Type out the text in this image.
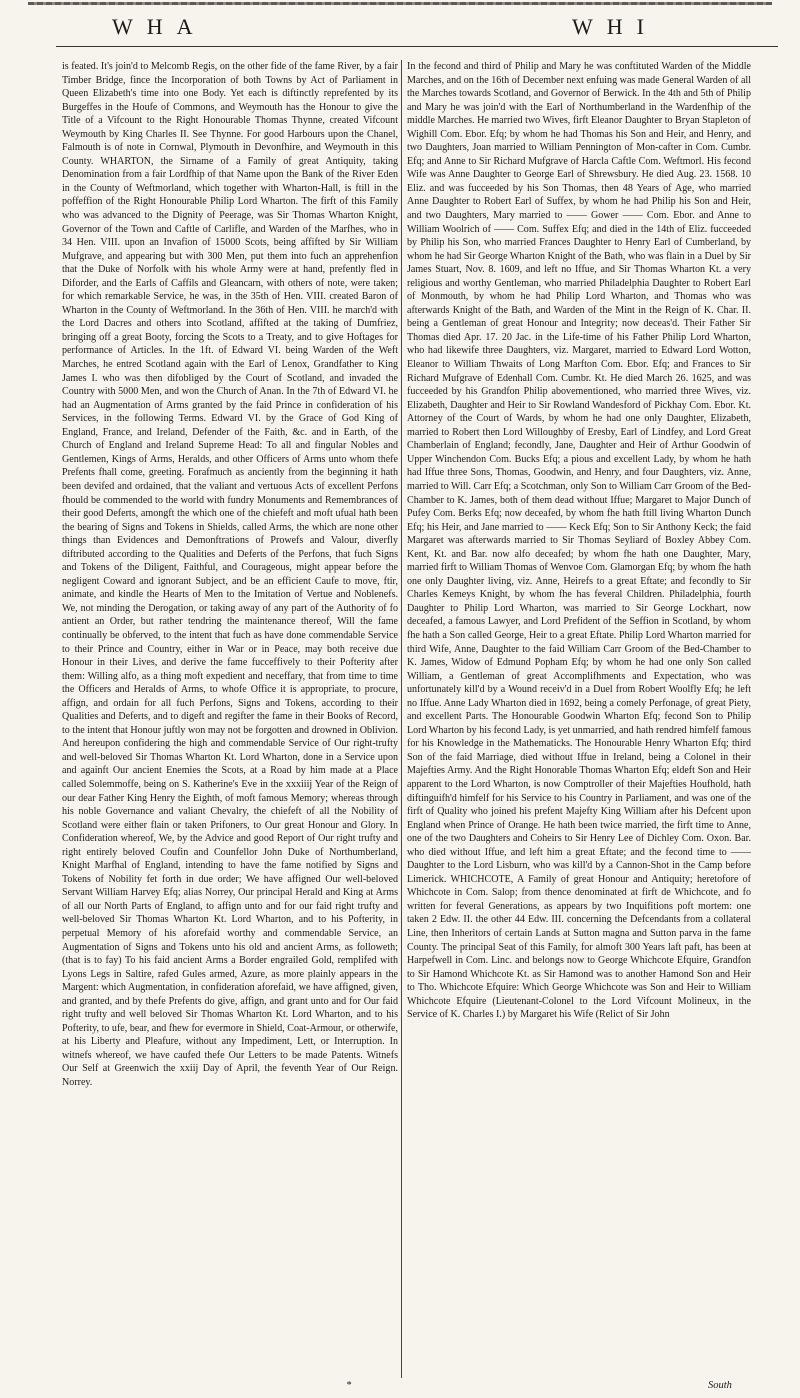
WHA	WHI

is feated. It's join'd to Melcomb Regis, on the other fide of the fame River, by a fair Timber Bridge, fince the Incorporation of both Towns by Act of Parliament in Queen Elizabeth's time into one Body. Yet each is diftinctly reprefented by its Burgeffes in the Houfe of Commons, and Weymouth has the Honour to give the Title of a Vifcount to the Right Honourable Thomas Thynne, created Vifcount Weymouth by King Charles II. See Thynne. For good Harbours upon the Chanel, Falmouth is of note in Cornwal, Plymouth in Devonfhire, and Weymouth in this County. WHARTON, the Sirname of a Family of great Antiquity, taking Denomination from a fair Lordfhip of that Name upon the Bank of the River Eden in the County of Weftmorland, which together with Wharton-Hall, is ftill in the poffeffion of the Right Honourable Philip Lord Wharton. The firft of this Family who was advanced to the Dignity of Peerage, was Sir Thomas Wharton Knight, Governor of the Town and Caftle of Carlifle, and Warden of the Marfhes, who in 34 Hen. VIII. upon an Invafion of 15000 Scots, being affifted by Sir William Mufgrave, and appearing but with 300 Men, put them into fuch an apprehenfion that the Duke of Norfolk with his whole Army were at hand, prefently fled in Diforder, and the Earls of Caffils and Gleancarn, with others of note, were taken; for which remarkable Service, he was, in the 35th of Hen. VIII. created Baron of Wharton in the County of Weftmorland. In the 36th of Hen. VIII. he march'd with the Lord Dacres and others into Scotland, affifted at the taking of Dumfriez, bringing off a great Booty, forcing the Scots to a Treaty, and to give Hoftages for performance of Articles. In the 1ft. of Edward VI. being Warden of the Weft Marches, he entred Scotland again with the Earl of Lenox, Grandfather to King James I. who was then difobliged by the Court of Scotland, and invaded the Country with 5000 Men, and won the Church of Anan. In the 7th of Edward VI. he had an Augmentation of Arms granted by the faid Prince in confideration of his Services, in the following Terms. Edward VI. by the Grace of God King of England, France, and Ireland, Defender of the Faith, &c. and in Earth, of the Church of England and Ireland Supreme Head: To all and fingular Nobles and Gentlemen, Kings of Arms, Heralds, and other Officers of Arms unto whom thefe Prefents fhall come, greeting. Forafmuch as anciently from the beginning it hath been devifed and ordained, that the valiant and vertuous Acts of excellent Perfons fhould be commended to the world with fundry Monuments and Remembrances of their good Deferts, amongft the which one of the chiefeft and moft ufual hath been the bearing of Signs and Tokens in Shields, called Arms, the which are none other things than Evidences and Demonftrations of Prowefs and Valour, diverfly diftributed according to the Qualities and Deferts of the Perfons, that fuch Signs and Tokens of the Diligent, Faithful, and Courageous, might appear before the negligent Coward and ignorant Subject, and be an efficient Caufe to move, ftir, animate, and kindle the Hearts of Men to the Imitation of Vertue and Noblenefs. We, not minding the Derogation, or taking away of any part of the Authority of fo antient an Order, but rather tendring the maintenance thereof, Will the fame continually be obferved, to the intent that fuch as have done commendable Service to their Prince and Country, either in War or in Peace, may both receive due Honour in their Lives, and derive the fame fucceffively to their Pofterity after them: Willing alfo, as a thing moft expedient and neceffary, that from time to time the Officers and Heralds of Arms, to whofe Office it is appropriate, to procure, affign, and ordain for all fuch Perfons, Signs and Tokens, according to their Qualities and Deferts, and to digeft and regifter the fame in their Books of Record, to the intent that Honour juftly won may not be forgotten and drowned in Oblivion. And hereupon confidering the high and commendable Service of Our right-trufty and well-beloved Sir Thomas Wharton Kt. Lord Wharton, done in a Service upon and againft Our ancient Enemies the Scots, at a Road by him made at a Place called Solemmoffe, being on S. Katherine's Eve in the xxxiiij Year of the Reign of our dear Father King Henry the Eighth, of moft famous Memory; whereas through his noble Governance and valiant Chevalry, the chiefeft of all the Nobility of Scotland were either flain or taken Prifoners, to Our great Honour and Glory. In Confideration whereof, We, by the Advice and good Report of Our right trufty and right entirely beloved Coufin and Counfellor John Duke of Northumberland, Knight Marfhal of England, intending to have the fame notified by Signs and Tokens of Nobility fet forth in due order; We have affigned Our well-beloved Servant William Harvey Efq; alias Norrey, Our principal Herald and King at Arms of all our North Parts of England, to affign unto and for our faid right trufty and well-beloved Sir Thomas Wharton Kt. Lord Wharton, and to his Pofterity, in perpetual Memory of his aforefaid worthy and commendable Service, an Augmentation of Signs and Tokens unto his old and ancient Arms, as followeth; (that is to fay) To his faid ancient Arms a Border engrailed Gold, remplifed with Lyons Legs in Saltire, rafed Gules armed, Azure, as more plainly appears in the Margent: which Augmentation, in confideration aforefaid, we have affigned, given, and granted, and by thefe Prefents do give, affign, and grant unto and for Our faid right trufty and well beloved Sir Thomas Wharton Kt. Lord Wharton, and to his Pofterity, to ufe, bear, and fhew for evermore in Shield, Coat-Armour, or otherwife, at his Liberty and Pleafure, without any Impediment, Lett, or Interruption. In witnefs whereof, we have caufed thefe Our Letters to be made Patents. Witnefs Our Self at Greenwich the xxiij Day of April, the feventh Year of Our Reign. Norrey.

In the fecond and third of Philip and Mary he was conftituted Warden of the Middle Marches, and on the 16th of December next enfuing was made General Warden of all the Marches towards Scotland, and Governor of Berwick. In the 4th and 5th of Philip and Mary he was join'd with the Earl of Northumberland in the Wardenfhip of the middle Marches. He married two Wives, firft Eleanor Daughter to Bryan Stapleton of Wighill Com. Ebor. Efq; by whom he had Thomas his Son and Heir, and Henry, and two Daughters, Joan married to William Pennington of Mon-cafter in Com. Cumbr. Efq; and Anne to Sir Richard Mufgrave of Harcla Caftle Com. Weftmorl. His fecond Wife was Anne Daughter to George Earl of Shrewsbury. He died Aug. 23. 1568. 10 Eliz. and was fucceeded by his Son Thomas, then 48 Years of Age, who married Anne Daughter to Robert Earl of Suffex, by whom he had Philip his Son and Heir, and two Daughters, Mary married to —— Gower —— Com. Ebor. and Anne to William Woolrich of —— Com. Suffex Efq; and died in the 14th of Eliz. fucceeded by Philip his Son, who married Frances Daughter to Henry Earl of Cumberland, by whom he had Sir George Wharton Knight of the Bath, who was flain in a Duel by Sir James Stuart, Nov. 8. 1609, and left no Iffue, and Sir Thomas Wharton Kt. a very religious and worthy Gentleman, who married Philadelphia Daughter to Robert Earl of Monmouth, by whom he had Philip Lord Wharton, and Thomas who was afterwards Knight of the Bath, and Warden of the Mint in the Reign of K. Char. II. being a Gentleman of great Honour and Integrity; now deceas'd. Their Father Sir Thomas died Apr. 17. 20 Jac. in the Life-time of his Father Philip Lord Wharton, who had likewife three Daughters, viz. Margaret, married to Edward Lord Wotton, Eleanor to William Thwaits of Long Marfton Com. Ebor. Efq; and Frances to Sir Richard Mufgrave of Edenhall Com. Cumbr. Kt. He died March 26. 1625, and was fucceeded by his Grandfon Philip abovementioned, who married three Wives, viz. Elizabeth, Daughter and Heir to Sir Rowland Wandesford of Pickhay Com. Ebor. Kt. Attorney of the Court of Wards, by whom he had one only Daughter, Elizabeth, married to Robert then Lord Willoughby of Eresby, Earl of Lindfey, and Lord Great Chamberlain of England; fecondly, Jane, Daughter and Heir of Arthur Goodwin of Upper Winchendon Com. Bucks Efq; a pious and excellent Lady, by whom he hath had Iffue three Sons, Thomas, Goodwin, and Henry, and four Daughters, viz. Anne, married to Will. Carr Efq; a Scotchman, only Son to William Carr Groom of the Bed-Chamber to K. James, both of them dead without Iffue; Margaret to Major Dunch of Pufey Com. Berks Efq; now deceafed, by whom fhe hath ftill living Wharton Dunch Efq; his Heir, and Jane married to —— Keck Efq; Son to Sir Anthony Keck; the faid Margaret was afterwards married to Sir Thomas Seyliard of Boxley Abbey Com. Kent, Kt. and Bar. now alfo deceafed; by whom fhe hath one Daughter, Mary, married firft to William Thomas of Wenvoe Com. Glamorgan Efq; by whom fhe hath one only Daughter living, viz. Anne, Heirefs to a great Eftate; and fecondly to Sir Charles Kemeys Knight, by whom fhe has feveral Children. Philadelphia, fourth Daughter to Philip Lord Wharton, was married to Sir George Lockhart, now deceafed, a famous Lawyer, and Lord Prefident of the Seffion in Scotland, by whom fhe hath a Son called George, Heir to a great Eftate. Philip Lord Wharton married for third Wife, Anne, Daughter to the faid William Carr Groom of the Bed-Chamber to K. James, Widow of Edmund Popham Efq; by whom he had one only Son called William, a Gentleman of great Accomplifhments and Expectation, who was unfortunately kill'd by a Wound receiv'd in a Duel from Robert Woolfly Efq; he left no Iffue. Anne Lady Wharton died in 1692, being a comely Perfonage, of great Piety, and excellent Parts. The Honourable Goodwin Wharton Efq; fecond Son to Philip Lord Wharton by his fecond Lady, is yet unmarried, and hath rendred himfelf famous for his Knowledge in the Mathematicks. The Honourable Henry Wharton Efq; third Son of the faid Marriage, died without Iffue in Ireland, being a Colonel in their Majefties Army. And the Right Honorable Thomas Wharton Efq; eldeft Son and Heir apparent to the Lord Wharton, is now Comptroller of their Majefties Houfhold, hath diftinguifh'd himfelf for his Service to his Country in Parliament, and was one of the firft of Quality who joined his prefent Majefty King William after his Defcent upon England when Prince of Orange. He hath been twice married, the firft time to Anne, one of the two Daughters and Coheirs to Sir Henry Lee of Dichley Com. Oxon. Bar. who died without Iffue, and left him a great Eftate; and the fecond time to —— Daughter to the Lord Lisburn, who was kill'd by a Cannon-Shot in the Camp before Limerick. WHICHCOTE, A Family of great Honour and Antiquity; heretofore of Whichcote in Com. Salop; from thence denominated at firft de Whichcote, and fo written for feveral Generations, as appears by two Inquifitions poft mortem: one taken 2 Edw. II. the other 44 Edw. III. concerning the Defcendants from a collateral Line, then Inheritors of certain Lands at Sutton magna and Sutton parva in the fame County. The principal Seat of this Family, for almoft 300 Years laft paft, has been at Harpefwell in Com. Linc. and belongs now to George Whichcote Efquire, Grandfon to Sir Hamond Whichcote Kt. as Sir Hamond was to another Hamond Son and Heir to Tho. Whichcote Efquire: Which George Whichcote was Son and Heir to William Whichcote Efquire (Lieutenant-Colonel to the Lord Vifcount Molineux, in the Service of K. Charles I.) by Margaret his Wife (Relict of Sir John

*	South
